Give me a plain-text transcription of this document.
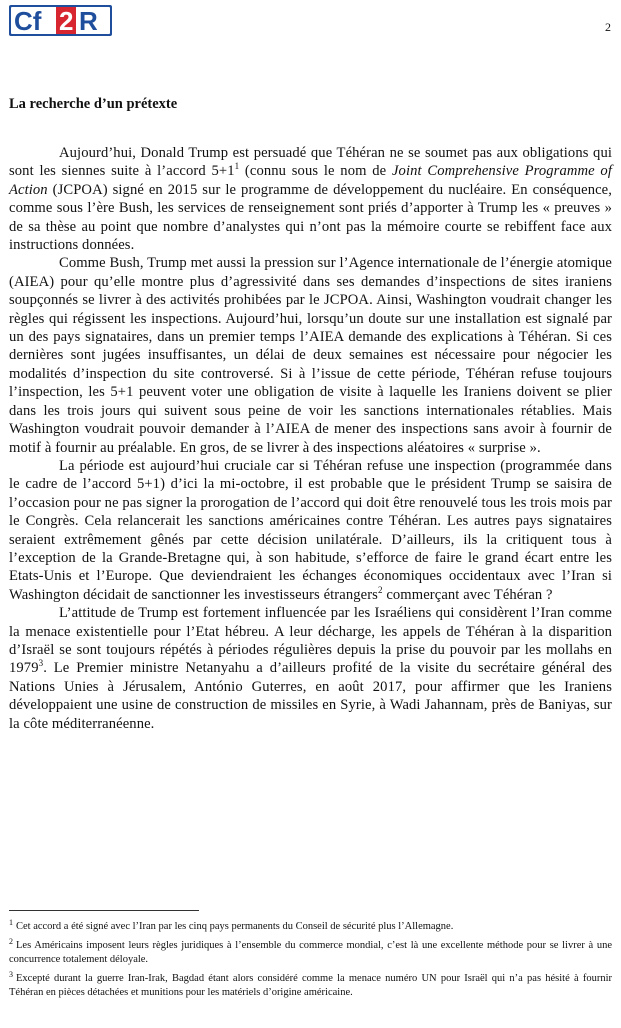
Cf 2 R	2
La recherche d’un prétexte

Aujourd’hui, Donald Trump est persuadé que Téhéran ne se soumet pas aux obligations qui sont les siennes suite à l’accord $5+1^1$ (connu sous le nom de Joint Comprehensive Programme of Action (JCPOA) signé en 2015 sur le programme de développement du nucléaire. En conséquence, comme sous l’ère Bush, les services de renseignement sont priés d’apporter à Trump les « preuves » de sa thèse au point que nombre d’analystes qui n’ont pas la mémoire courte se rebiffent face aux instructions données.

Comme Bush, Trump met aussi la pression sur l’Agence internationale de l’énergie atomique (AIEA) pour qu’elle montre plus d’agressivité dans ses demandes d’inspections de sites iraniens soupçonnés se livrer à des activités prohibées par le JCPOA. Ainsi, Washington voudrait changer les règles qui régissent les inspections. Aujourd’hui, lorsqu’un doute sur une installation est signalé par un des pays signataires, dans un premier temps l’AIEA demande des explications à Téhéran. Si ces dernières sont jugées insuffisantes, un délai de deux semaines est nécessaire pour négocier les modalités d’inspection du site controversé. Si à l’issue de cette période, Téhéran refuse toujours l’inspection, les 5+1 peuvent voter une obligation de visite à laquelle les Iraniens doivent se plier dans les trois jours qui suivent sous peine de voir les sanctions internationales rétablies. Mais Washington voudrait pouvoir demander à l’AIEA de mener des inspections sans avoir à fournir de motif à fournir au préalable. En gros, de se livrer à des inspections aléatoires « surprise ».

La période est aujourd’hui cruciale car si Téhéran refuse une inspection (programmée dans le cadre de l’accord 5+1) d’ici la mi-octobre, il est probable que le président Trump se saisira de l’occasion pour ne pas signer la prorogation de l’accord qui doit être renouvelé tous les trois mois par le Congrès. Cela relancerait les sanctions américaines contre Téhéran. Les autres pays signataires seraient extrêmement gênés par cette décision unilatérale. D’ailleurs, ils la critiquent tous à l’exception de la Grande-Bretagne qui, à son habitude, s’efforce de faire le grand écart entre les Etats-Unis et l’Europe. Que deviendraient les échanges économiques occidentaux avec l’Iran si Washington décidait de sanctionner les investisseurs étrangers$^2$ commerçant avec Téhéran ?

L’attitude de Trump est fortement influencée par les Israéliens qui considèrent l’Iran comme la menace existentielle pour l’Etat hébreu. A leur décharge, les appels de Téhéran à la disparition d’Israël se sont toujours répétés à périodes régulières depuis la prise du pouvoir par les mollahs en 1979$^3$. Le Premier ministre Netanyahu a d’ailleurs profité de la visite du secrétaire général des Nations Unies à Jérusalem, António Guterres, en août 2017, pour affirmer que les Iraniens développaient une usine de construction de missiles en Syrie, à Wadi Jahannam, près de Baniyas, sur la côte méditerranéenne.

$^1$ Cet accord a été signé avec l’Iran par les cinq pays permanents du Conseil de sécurité plus l’Allemagne.
$^2$ Les Américains imposent leurs règles juridiques à l’ensemble du commerce mondial, c’est là une excellente méthode pour se livrer à une concurrence totalement déloyale.
$^3$ Excepté durant la guerre Iran-Irak, Bagdad étant alors considéré comme la menace numéro UN pour Israël qui n’a pas hésité à fournir Téhéran en pièces détachées et munitions pour les matériels d’origine américaine.
